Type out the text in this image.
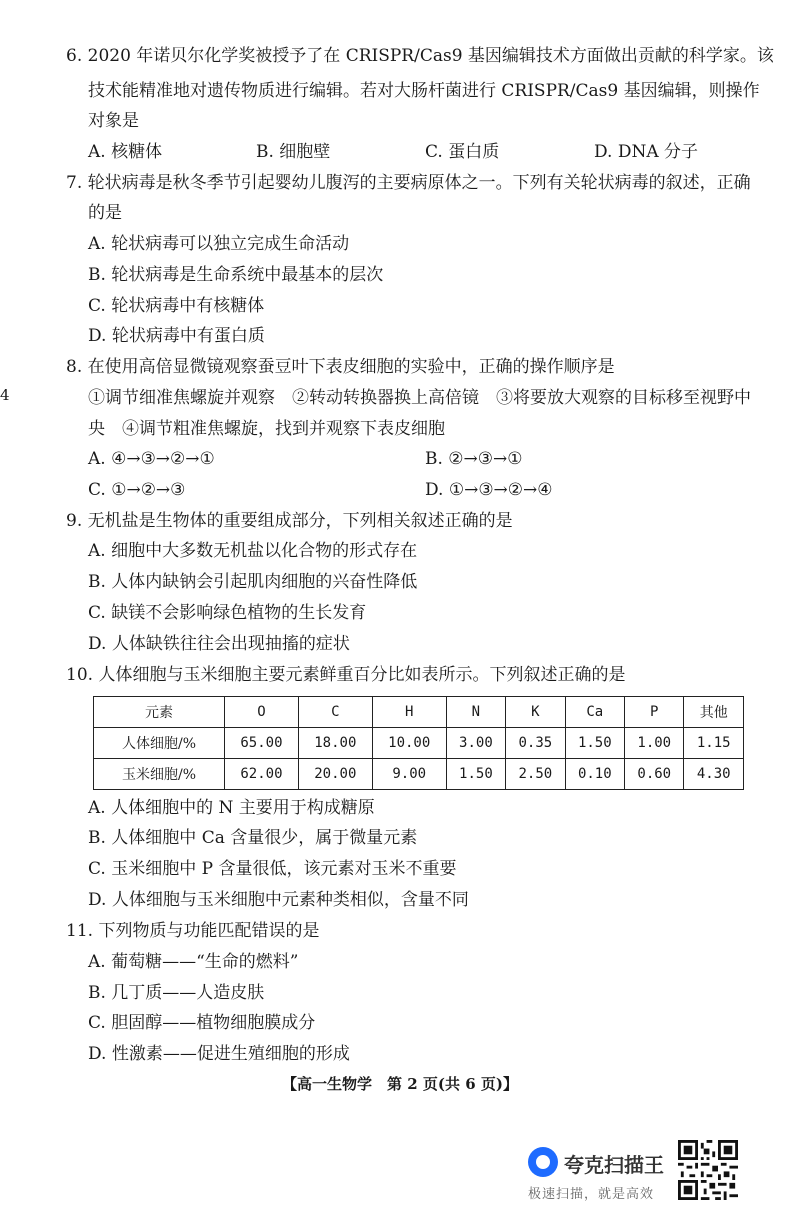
4
6. 2020 年诺贝尔化学奖被授予了在 CRISPR/Cas9 基因编辑技术方面做出贡献的科学家。该
技术能精准地对遗传物质进行编辑。若对大肠杆菌进行 CRISPR/Cas9 基因编辑，则操作
对象是
A. 核糖体	B. 细胞壁	C. 蛋白质	D. DNA 分子
7. 轮状病毒是秋冬季节引起婴幼儿腹泻的主要病原体之一。下列有关轮状病毒的叙述，正确
的是
A. 轮状病毒可以独立完成生命活动
B. 轮状病毒是生命系统中最基本的层次
C. 轮状病毒中有核糖体
D. 轮状病毒中有蛋白质
8. 在使用高倍显微镜观察蚕豆叶下表皮细胞的实验中，正确的操作顺序是
①调节细准焦螺旋并观察　②转动转换器换上高倍镜　③将要放大观察的目标移至视野中
央　④调节粗准焦螺旋，找到并观察下表皮细胞
A. ④→③→②→①	B. ②→③→①
C. ①→②→③	D. ①→③→②→④
9. 无机盐是生物体的重要组成部分，下列相关叙述正确的是
A. 细胞中大多数无机盐以化合物的形式存在
B. 人体内缺钠会引起肌肉细胞的兴奋性降低
C. 缺镁不会影响绿色植物的生长发育
D. 人体缺铁往往会出现抽搐的症状
10. 人体细胞与玉米细胞主要元素鲜重百分比如表所示。下列叙述正确的是
元素	O	C	H	N	K	Ca	P	其他
人体细胞/%	65.00	18.00	10.00	3.00	0.35	1.50	1.00	1.15
玉米细胞/%	62.00	20.00	9.00	1.50	2.50	0.10	0.60	4.30
A. 人体细胞中的 N 主要用于构成糖原
B. 人体细胞中 Ca 含量很少，属于微量元素
C. 玉米细胞中 P 含量很低，该元素对玉米不重要
D. 人体细胞与玉米细胞中元素种类相似，含量不同
11. 下列物质与功能匹配错误的是
A. 葡萄糖——“生命的燃料”
B. 几丁质——人造皮肤
C. 胆固醇——植物细胞膜成分
D. 性激素——促进生殖细胞的形成
【高一生物学　第 2 页(共 6 页)】
夸克扫描王
极速扫描，就是高效
